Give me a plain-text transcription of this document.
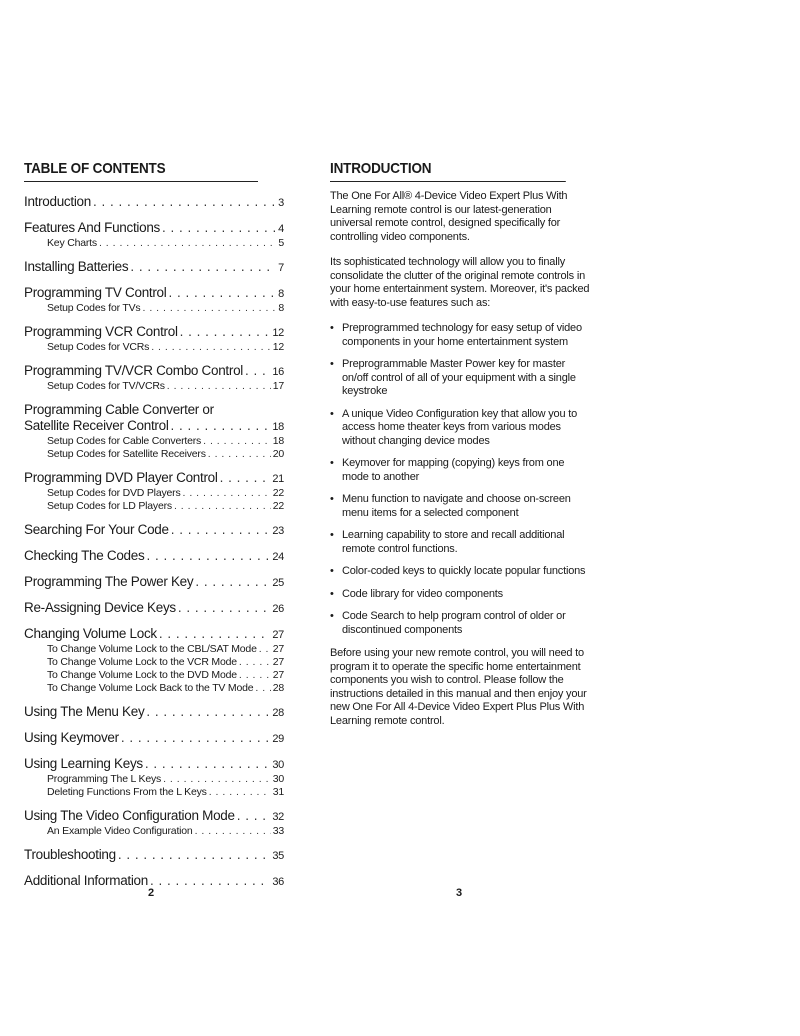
TABLE OF CONTENTS
Introduction . . .	3
Features And Functions . . .	4
Key Charts . . .	5
Installing Batteries . . .	7
Programming TV Control . . .	8
Setup Codes for TVs . . .	8
Programming VCR Control . . .	12
Setup Codes for VCRs . . .	12
Programming TV/VCR Combo Control . . .	16
Setup Codes for TV/VCRs . . .	17
Programming Cable Converter or
Satellite Receiver Control . . .	18
Setup Codes for Cable Converters . . .	18
Setup Codes for Satellite Receivers . . .	20
Programming DVD Player Control . . .	21
Setup Codes for DVD Players . . .	22
Setup Codes for LD Players . . .	22
Searching For Your Code . . .	23
Checking The Codes . . .	24
Programming The Power Key . . .	25
Re-Assigning Device Keys . . .	26
Changing Volume Lock . . .	27
To Change Volume Lock to the CBL/SAT Mode . . . 27
To Change Volume Lock to the VCR Mode . . .	27
To Change Volume Lock to the DVD Mode . . .	27
To Change Volume Lock Back to the TV Mode . . . 28
Using The Menu Key . . .	28
Using Keymover . . .	29
Using Learning Keys . . .	30
Programming The L Keys . . .	30
Deleting Functions From the L Keys . . .	31
Using The Video Configuration Mode . . .	32
An Example Video Configuration . . .	33
Troubleshooting . . .	35
Additional Information . . .	36
2
INTRODUCTION

The One For All® 4-Device Video Expert Plus With Learning remote control is our latest-generation universal remote control, designed specifically for controlling video components.

Its sophisticated technology will allow you to finally consolidate the clutter of the original remote controls in your home entertainment system. Moreover, it's packed with easy-to-use features such as:

• Preprogrammed technology for easy setup of video components in your home entertainment system
• Preprogrammable Master Power key for master on/off control of all of your equipment with a single keystroke
• A unique Video Configuration key that allow you to access home theater keys from various modes without changing device modes
• Keymover for mapping (copying) keys from one mode to another
• Menu function to navigate and choose on-screen menu items for a selected component
• Learning capability to store and recall additional remote control functions.
• Color-coded keys to quickly locate popular functions
• Code library for video components
• Code Search to help program control of older or discontinued components

Before using your new remote control, you will need to program it to operate the specific home entertainment components you wish to control. Please follow the instructions detailed in this manual and then enjoy your new One For All 4-Device Video Expert Plus Plus With Learning remote control.

3
